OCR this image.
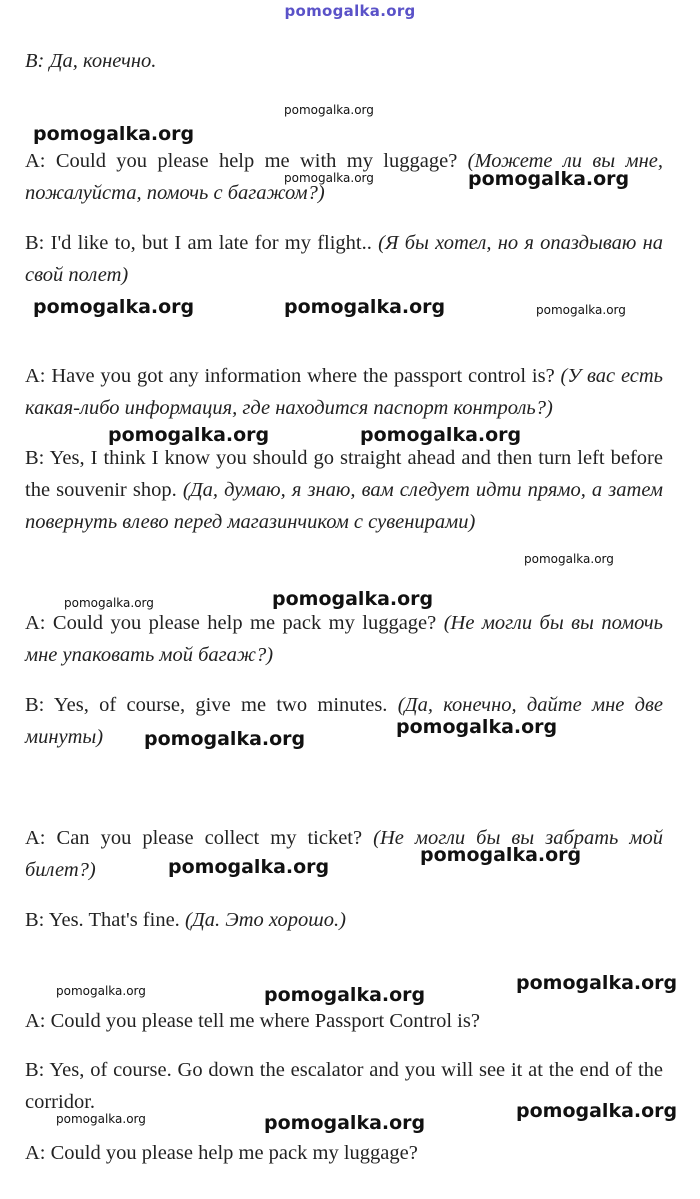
pomogalka.org

B: Да, конечно.

A: Could you please help me with my luggage? (Можете ли вы мне, пожалуйста, помочь с багажом?)

B: I'd like to, but I am late for my flight.. (Я бы хотел, но я опаздываю на свой полет)

A: Have you got any information where the passport control is? (У вас есть какая-либо информация, где находится паспорт контроль?)

B: Yes, I think I know you should go straight ahead and then turn left before the souvenir shop. (Да, думаю, я знаю, вам следует идти прямо, а затем повернуть влево перед магазинчиком с сувенирами)

A: Could you please help me pack my luggage? (Не могли бы вы помочь мне упаковать мой багаж?)

B: Yes, of course, give me two minutes. (Да, конечно, дайте мне две минуты)

A: Can you please collect my ticket? (Не могли бы вы забрать мой билет?)

B: Yes. That's fine. (Да. Это хорошо.)

A: Could you please tell me where Passport Control is?

B: Yes, of course. Go down the escalator and you will see it at the end of the corridor.

A: Could you please help me pack my luggage?

pomogalka.org
pomogalka.org
pomogalka.org	pomogalka.org
pomogalka.org	pomogalka.org	pomogalka.org
pomogalka.org	pomogalka.org
pomogalka.org
pomogalka.org	pomogalka.org
pomogalka.org
pomogalka.org
pomogalka.org
pomogalka.org
pomogalka.org
pomogalka.org	pomogalka.org
pomogalka.org
pomogalka.org	pomogalka.org
